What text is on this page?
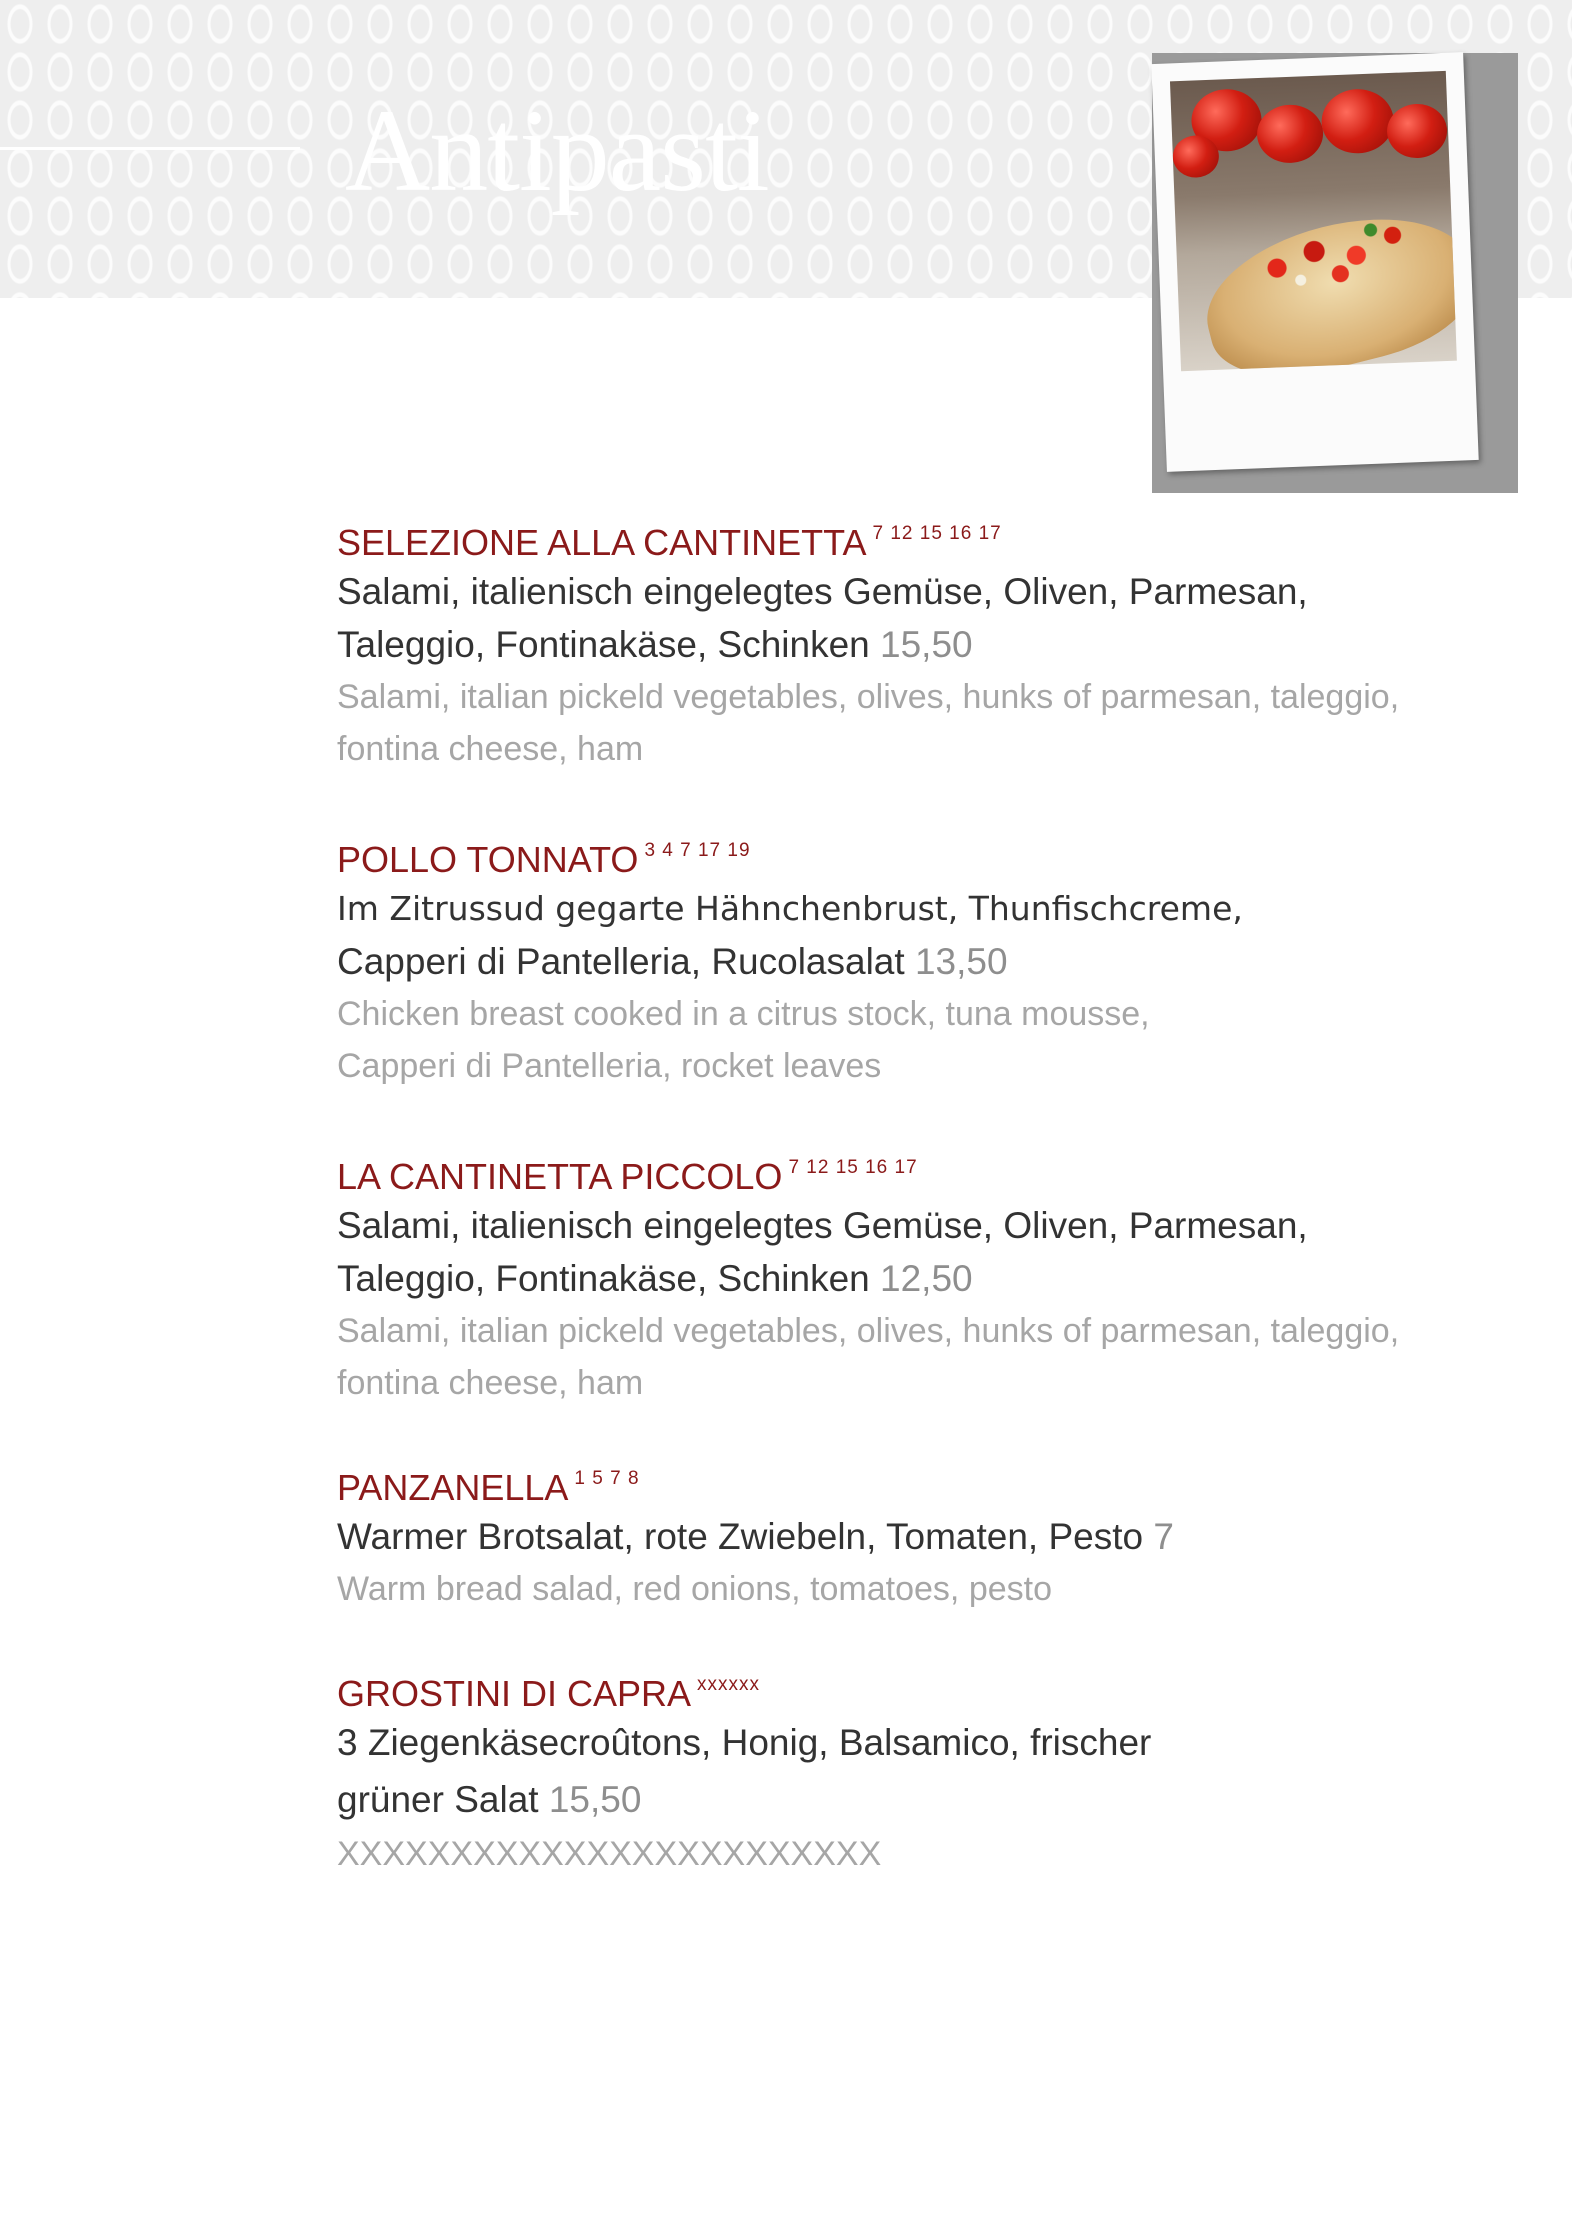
Antipasti
SELEZIONE ALLA CANTINETTA $^{7 12 15 16 17}$
Salami, italienisch eingelegtes Gemüse, Oliven, Parmesan,
Taleggio, Fontinakäse, Schinken 15,50
Salami, italian pickeld vegetables, olives, hunks of parmesan, taleggio,
fontina cheese, ham
POLLO TONNATO $^{3 4 7 17 19}$
Im Zitrussud gegarte Hähnchenbrust, Thunfischcreme,
Capperi di Pantelleria, Rucolasalat 13,50
Chicken breast cooked in a citrus stock, tuna mousse,
Capperi di Pantelleria, rocket leaves
LA CANTINETTA PICCOLO $^{7 12 15 16 17}$
Salami, italienisch eingelegtes Gemüse, Oliven, Parmesan,
Taleggio, Fontinakäse, Schinken 12,50
Salami, italian pickeld vegetables, olives, hunks of parmesan, taleggio,
fontina cheese, ham
PANZANELLA $^{1 5 7 8}$
Warmer Brotsalat, rote Zwiebeln, Tomaten, Pesto 7
Warm bread salad, red onions, tomatoes, pesto
GROSTINI DI CAPRA $^{xxxxxx}$
3 Ziegenkäsecroûtons, Honig, Balsamico, frischer
grüner Salat 15,50
XXXXXXXXXXXXXXXXXXXXXXXX
